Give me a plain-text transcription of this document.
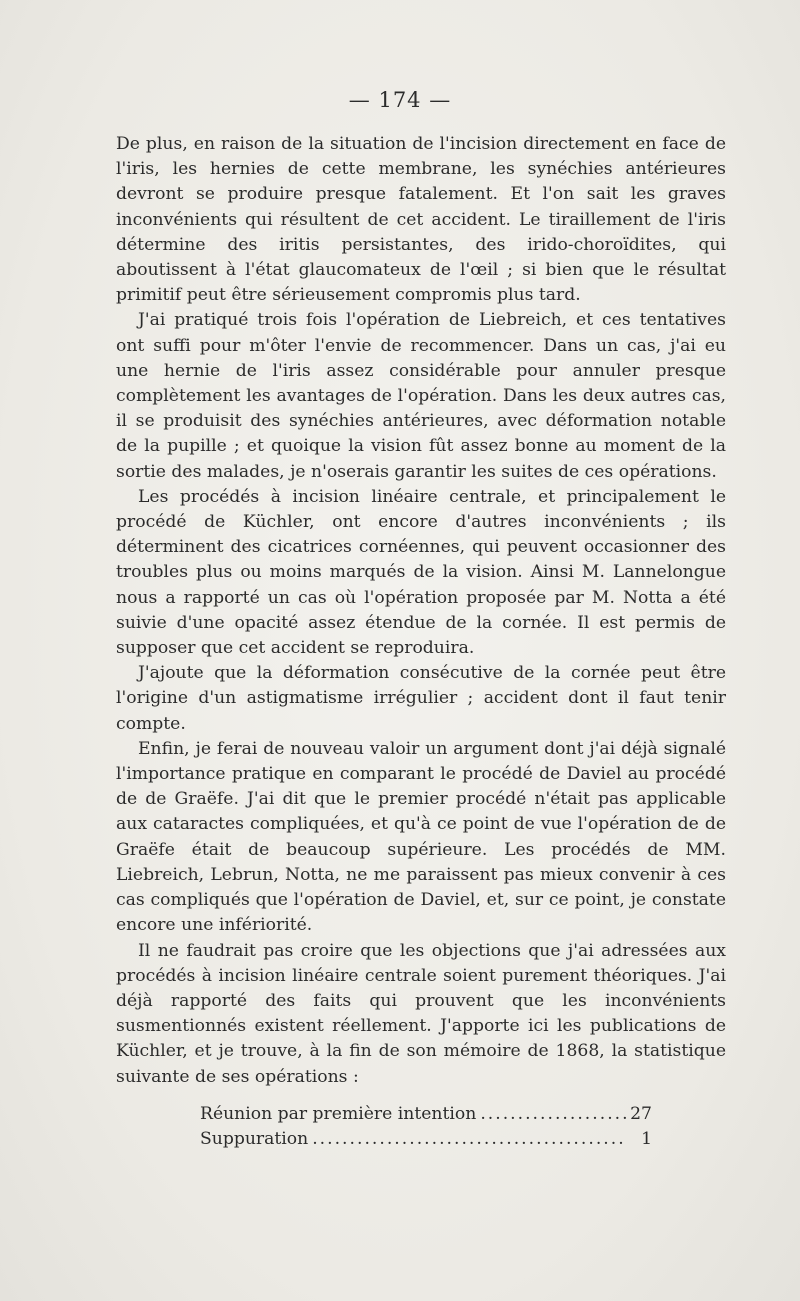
— 174 —

De plus, en raison de la situation de l'incision directement en face de l'iris, les hernies de cette membrane, les synéchies antérieures devront se produire presque fatalement. Et l'on sait les graves inconvénients qui résultent de cet accident. Le tiraillement de l'iris détermine des iritis persistantes, des irido-choroïdites, qui aboutissent à l'état glaucomateux de l'œil ; si bien que le résultat primitif peut être sérieusement compromis plus tard.

J'ai pratiqué trois fois l'opération de Liebreich, et ces tentatives ont suffi pour m'ôter l'envie de recommencer. Dans un cas, j'ai eu une hernie de l'iris assez considérable pour annuler presque complètement les avantages de l'opération. Dans les deux autres cas, il se produisit des synéchies antérieures, avec déformation notable de la pupille ; et quoique la vision fût assez bonne au moment de la sortie des malades, je n'oserais garantir les suites de ces opérations.

Les procédés à incision linéaire centrale, et principalement le procédé de Küchler, ont encore d'autres inconvénients ; ils déterminent des cicatrices cornéennes, qui peuvent occasionner des troubles plus ou moins marqués de la vision. Ainsi M. Lannelongue nous a rapporté un cas où l'opération proposée par M. Notta a été suivie d'une opacité assez étendue de la cornée. Il est permis de supposer que cet accident se reproduira.

J'ajoute que la déformation consécutive de la cornée peut être l'origine d'un astigmatisme irrégulier ; accident dont il faut tenir compte.

Enfin, je ferai de nouveau valoir un argument dont j'ai déjà signalé l'importance pratique en comparant le procédé de Daviel au procédé de de Graëfe. J'ai dit que le premier procédé n'était pas applicable aux cataractes compliquées, et qu'à ce point de vue l'opération de de Graëfe était de beaucoup supérieure. Les procédés de MM. Liebreich, Lebrun, Notta, ne me paraissent pas mieux convenir à ces cas compliqués que l'opération de Daviel, et, sur ce point, je constate encore une infériorité.

Il ne faudrait pas croire que les objections que j'ai adressées aux procédés à incision linéaire centrale soient purement théoriques. J'ai déjà rapporté des faits qui prouvent que les inconvénients susmentionnés existent réellement. J'apporte ici les publications de Küchler, et je trouve, à la fin de son mémoire de 1868, la statistique suivante de ses opérations :

Réunion par première intention .....	27
Suppuration .....	1
